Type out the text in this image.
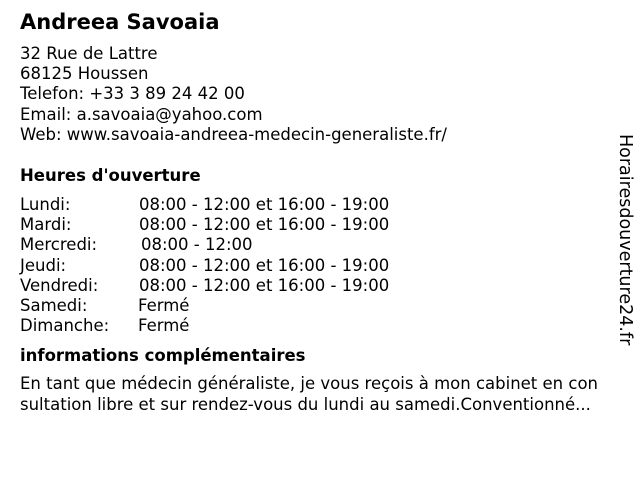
Andreea Savoaia
32 Rue de Lattre
68125 Houssen
Telefon: +33 3 89 24 42 00
Email: a.savoaia@yahoo.com
Web: www.savoaia-andreea-medecin-generaliste.fr/
Heures d'ouverture
Lundi:	08:00 - 12:00 et 16:00 - 19:00
Mardi:	08:00 - 12:00 et 16:00 - 19:00
Mercredi:	08:00 - 12:00
Jeudi:	08:00 - 12:00 et 16:00 - 19:00
Vendredi: 08:00 - 12:00 et 16:00 - 19:00
Samedi:	Fermé
Dimanche: Fermé
informations complémentaires
En tant que médecin généraliste, je vous reçois à mon cabinet en con
sultation libre et sur rendez-vous du lundi au samedi.Conventionné...
Horairesdouverture24.fr
